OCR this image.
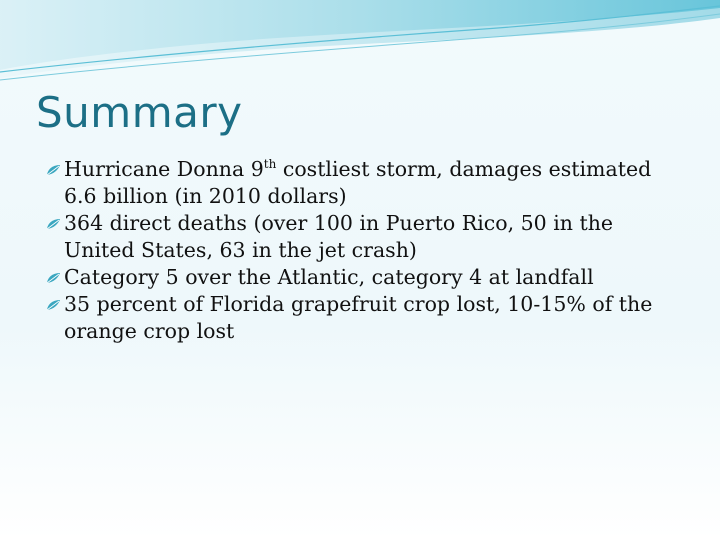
Summary
Hurricane Donna 9th costliest storm, damages estimated 6.6 billion (in 2010 dollars)
364 direct deaths (over 100 in Puerto Rico, 50 in the United States, 63 in the jet crash)
Category 5 over the Atlantic, category 4 at landfall
35 percent of Florida grapefruit crop lost, 10-15% of the orange crop lost
